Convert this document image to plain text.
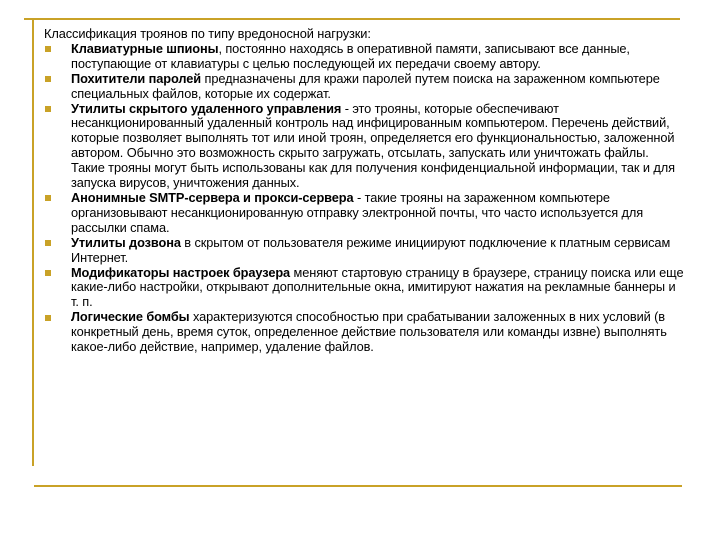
Классификация троянов по типу вредоносной нагрузки:

Клавиатурные шпионы, постоянно находясь в оперативной памяти, записывают все данные, поступающие от клавиатуры с целью последующей их передачи своему автору.
Похитители паролей предназначены для кражи паролей путем поиска на зараженном компьютере специальных файлов, которые их содержат.
Утилиты скрытого удаленного управления - это трояны, которые обеспечивают несанкционированный удаленный контроль над инфицированным компьютером. Перечень действий, которые позволяет выполнять тот или иной троян, определяется его функциональностью, заложенной автором. Обычно это возможность скрыто загружать, отсылать, запускать или уничтожать файлы. Такие трояны могут быть использованы как для получения конфиденциальной информации, так и для запуска вирусов, уничтожения данных.
Анонимные SMTP-сервера и прокси-сервера - такие трояны на зараженном компьютере организовывают несанкционированную отправку электронной почты, что часто используется для рассылки спама.
Утилиты дозвона в скрытом от пользователя режиме инициируют подключение к платным сервисам Интернет.
Модификаторы настроек браузера меняют стартовую страницу в браузере, страницу поиска или еще какие-либо настройки, открывают дополнительные окна, имитируют нажатия на рекламные баннеры и т. п.
Логические бомбы характеризуются способностью при срабатывании заложенных в них условий (в конкретный день, время суток, определенное действие пользователя или команды извне) выполнять какое-либо действие, например, удаление файлов.
